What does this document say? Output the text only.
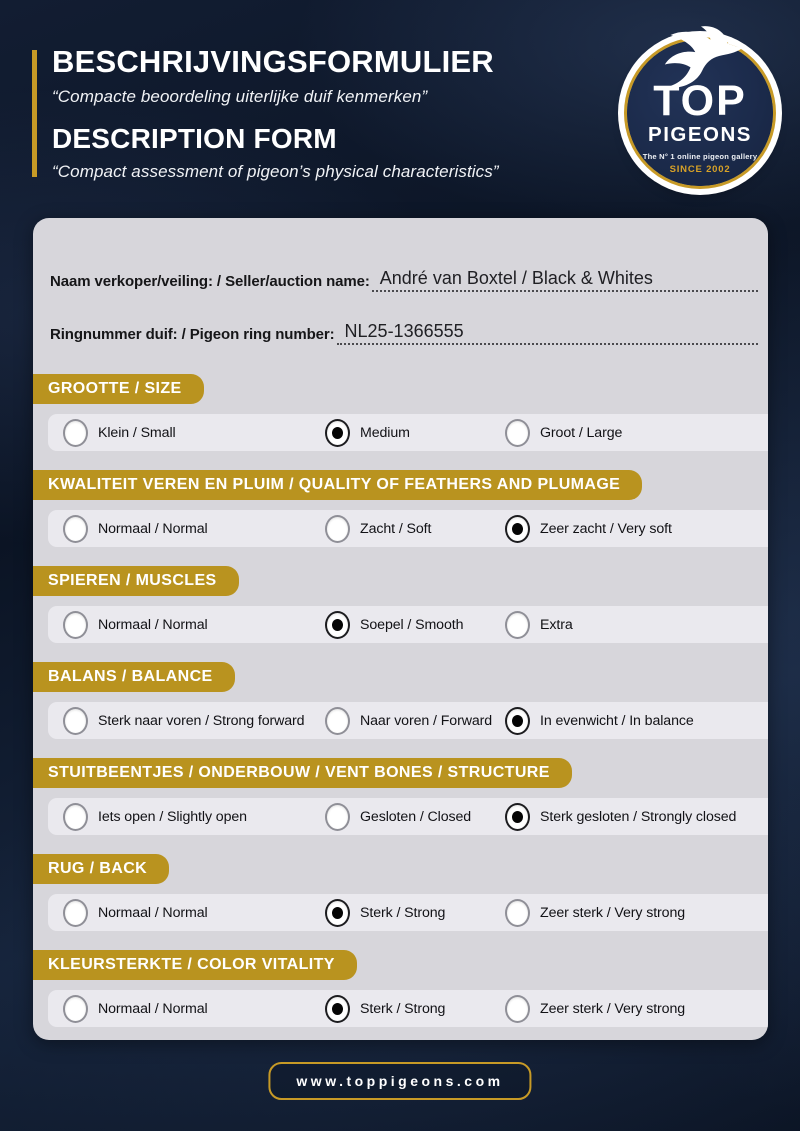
BESCHRIJVINGSFORMULIER
“Compacte beoordeling uiterlijke duif kenmerken”
DESCRIPTION FORM
“Compact assessment of pigeon’s physical characteristics”
TOP
PIGEONS
The N° 1 online pigeon gallery
SINCE 2002
Naam verkoper/veiling: / Seller/auction name: André van Boxtel / Black & Whites
Ringnummer duif: / Pigeon ring number: NL25-1366555
GROOTTE / SIZE
Klein / Small	Medium	Groot / Large
KWALITEIT VEREN EN PLUIM / QUALITY OF FEATHERS AND PLUMAGE
Normaal / Normal	Zacht / Soft	Zeer zacht / Very soft
SPIEREN / MUSCLES
Normaal / Normal	Soepel / Smooth	Extra
BALANS / BALANCE
Sterk naar voren / Strong forward	Naar voren / Forward	In evenwicht / In balance
STUITBEENTJES / ONDERBOUW / VENT BONES / STRUCTURE
Iets open / Slightly open	Gesloten / Closed	Sterk gesloten / Strongly closed
RUG / BACK
Normaal / Normal	Sterk / Strong	Zeer sterk / Very strong
KLEURSTERKTE / COLOR VITALITY
Normaal / Normal	Sterk / Strong	Zeer sterk / Very strong
www.toppigeons.com
